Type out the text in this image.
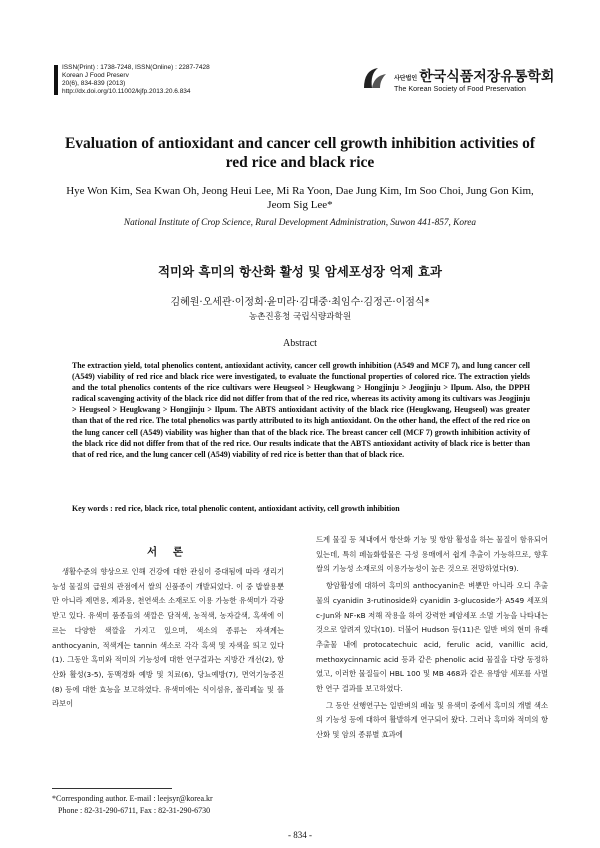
ISSN(Print) : 1738-7248, ISSN(Online) : 2287-7428
Korean J Food Preserv
20(6), 834-839 (2013)
http://dx.doi.org/10.11002/kjfp.2013.20.6.834
사단법인 한국식품저장유통학회
The Korean Society of Food Preservation
Evaluation of antioxidant and cancer cell growth inhibition activities of red rice and black rice
Hye Won Kim, Sea Kwan Oh, Jeong Heui Lee, Mi Ra Yoon, Dae Jung Kim, Im Soo Choi, Jung Gon Kim, Jeom Sig Lee*
National Institute of Crop Science, Rural Development Administration, Suwon 441-857, Korea
적미와 흑미의 항산화 활성 및 암세포성장 억제 효과
김혜원·오세관·이정희·윤미라·김대중·최임수·김정곤·이점식*
농촌진흥청 국립식량과학원
Abstract
The extraction yield, total phenolics content, antioxidant activity, cancer cell growth inhibition (A549 and MCF 7), and lung cancer cell (A549) viability of red rice and black rice were investigated, to evaluate the functional properties of colored rice. The extraction yields and the total phenolics contents of the rice cultivars were Heugseol > Heugkwang > Hongjinju > Jeogjinju > Ilpum. Also, the DPPH radical scavenging activity of the black rice did not differ from that of the red rice, whereas its activity among its cultivars was Jeogjinju > Heugseol > Heugkwang > Hongjinju > Ilpum. The ABTS antioxidant activity of the black rice (Heugkwang, Heugseol) was greater than that of the red rice. The total phenolics was partly attributed to its high antioxidant. On the other hand, the effect of the red rice on the lung cancer cell (A549) viability was higher than that of the black rice. The breast cancer cell (MCF 7) growth inhibition activity of the black rice did not differ from that of the red rice. Our results indicate that the ABTS antioxidant activity of black rice is better than that of red rice, and the lung cancer cell (A549) viability of red rice is better than that of black rice.
Key words : red rice, black rice, total phenolic content, antioxidant activity, cell growth inhibition
서 론

생활수준의 향상으로 인해 건강에 대한 관심이 증대됨에 따라 생리기능성 물질의 급원의 관점에서 쌀의 신품종이 개발되었다. 이 중 밥쌀용뿐 만 아니라 제면용, 제과용, 천연색소 소재로도 이용 가능한 유색미가 각광받고 있다. 유색미 품종들의 색깔은 담적색, 농적색, 농자갈색, 흑색에 이르는 다양한 색깔을 가지고 있으며, 색소의 종류는 자색계는 anthocyanin, 적색계는 tannin 색소로 각각 흑색 및 자색을 띄고 있다(1). 그동안 흑미와 적미의 기능성에 대한 연구결과는 지방간 개선(2), 항산화 활성(3-5), 동맥경화 예방 및 치료(6), 당뇨예방(7), 면역기능증진(8) 등에 대한 효능을 보고하였다. 유색미에는 식이섬유, 폴리페놀 및 플라보이

드계 물질 등 체내에서 항산화 기능 및 항암 활성을 하는 물질이 함유되어 있는데, 특히 페놀화합물은 극성 용매에서 쉽게 추출이 가능하므로, 향후 쌀의 기능성 소재로의 이용가능성이 높은 것으로 전망하였다(9).

항암활성에 대하여 흑미의 anthocyanin은 벼뿐만 아니라 오디 추출물의 cyanidin 3-rutinoside와 cyanidin 3-glucoside가 A549 세포의 c-Jun와 NF-κB 저해 작용을 하여 강력한 폐암세포 소멸 기능을 나타내는 것으로 알려져 있다(10). 더불어 Hudson 등(11)은 일반 벼의 현미 유래 추출물 내에 protocatechuic acid, ferulic acid, vanillic acid, methoxycinnamic acid 등과 같은 phenolic acid 물질을 다량 동정하였고, 이러한 물질들이 HBL 100 및 MB 468과 같은 유방암 세포를 사멸한 연구 결과를 보고하였다.

그 동안 선행연구는 일반벼의 페놀 및 유색미 중에서 흑미의 개별 색소의 기능성 등에 대하여 활발하게 연구되어 왔다. 그러나 흑미와 적미의 항산화 및 암의 종류별 효과에

*Corresponding author. E-mail : leejsyr@korea.kr
Phone : 82-31-290-6711, Fax : 82-31-290-6730
- 834 -
